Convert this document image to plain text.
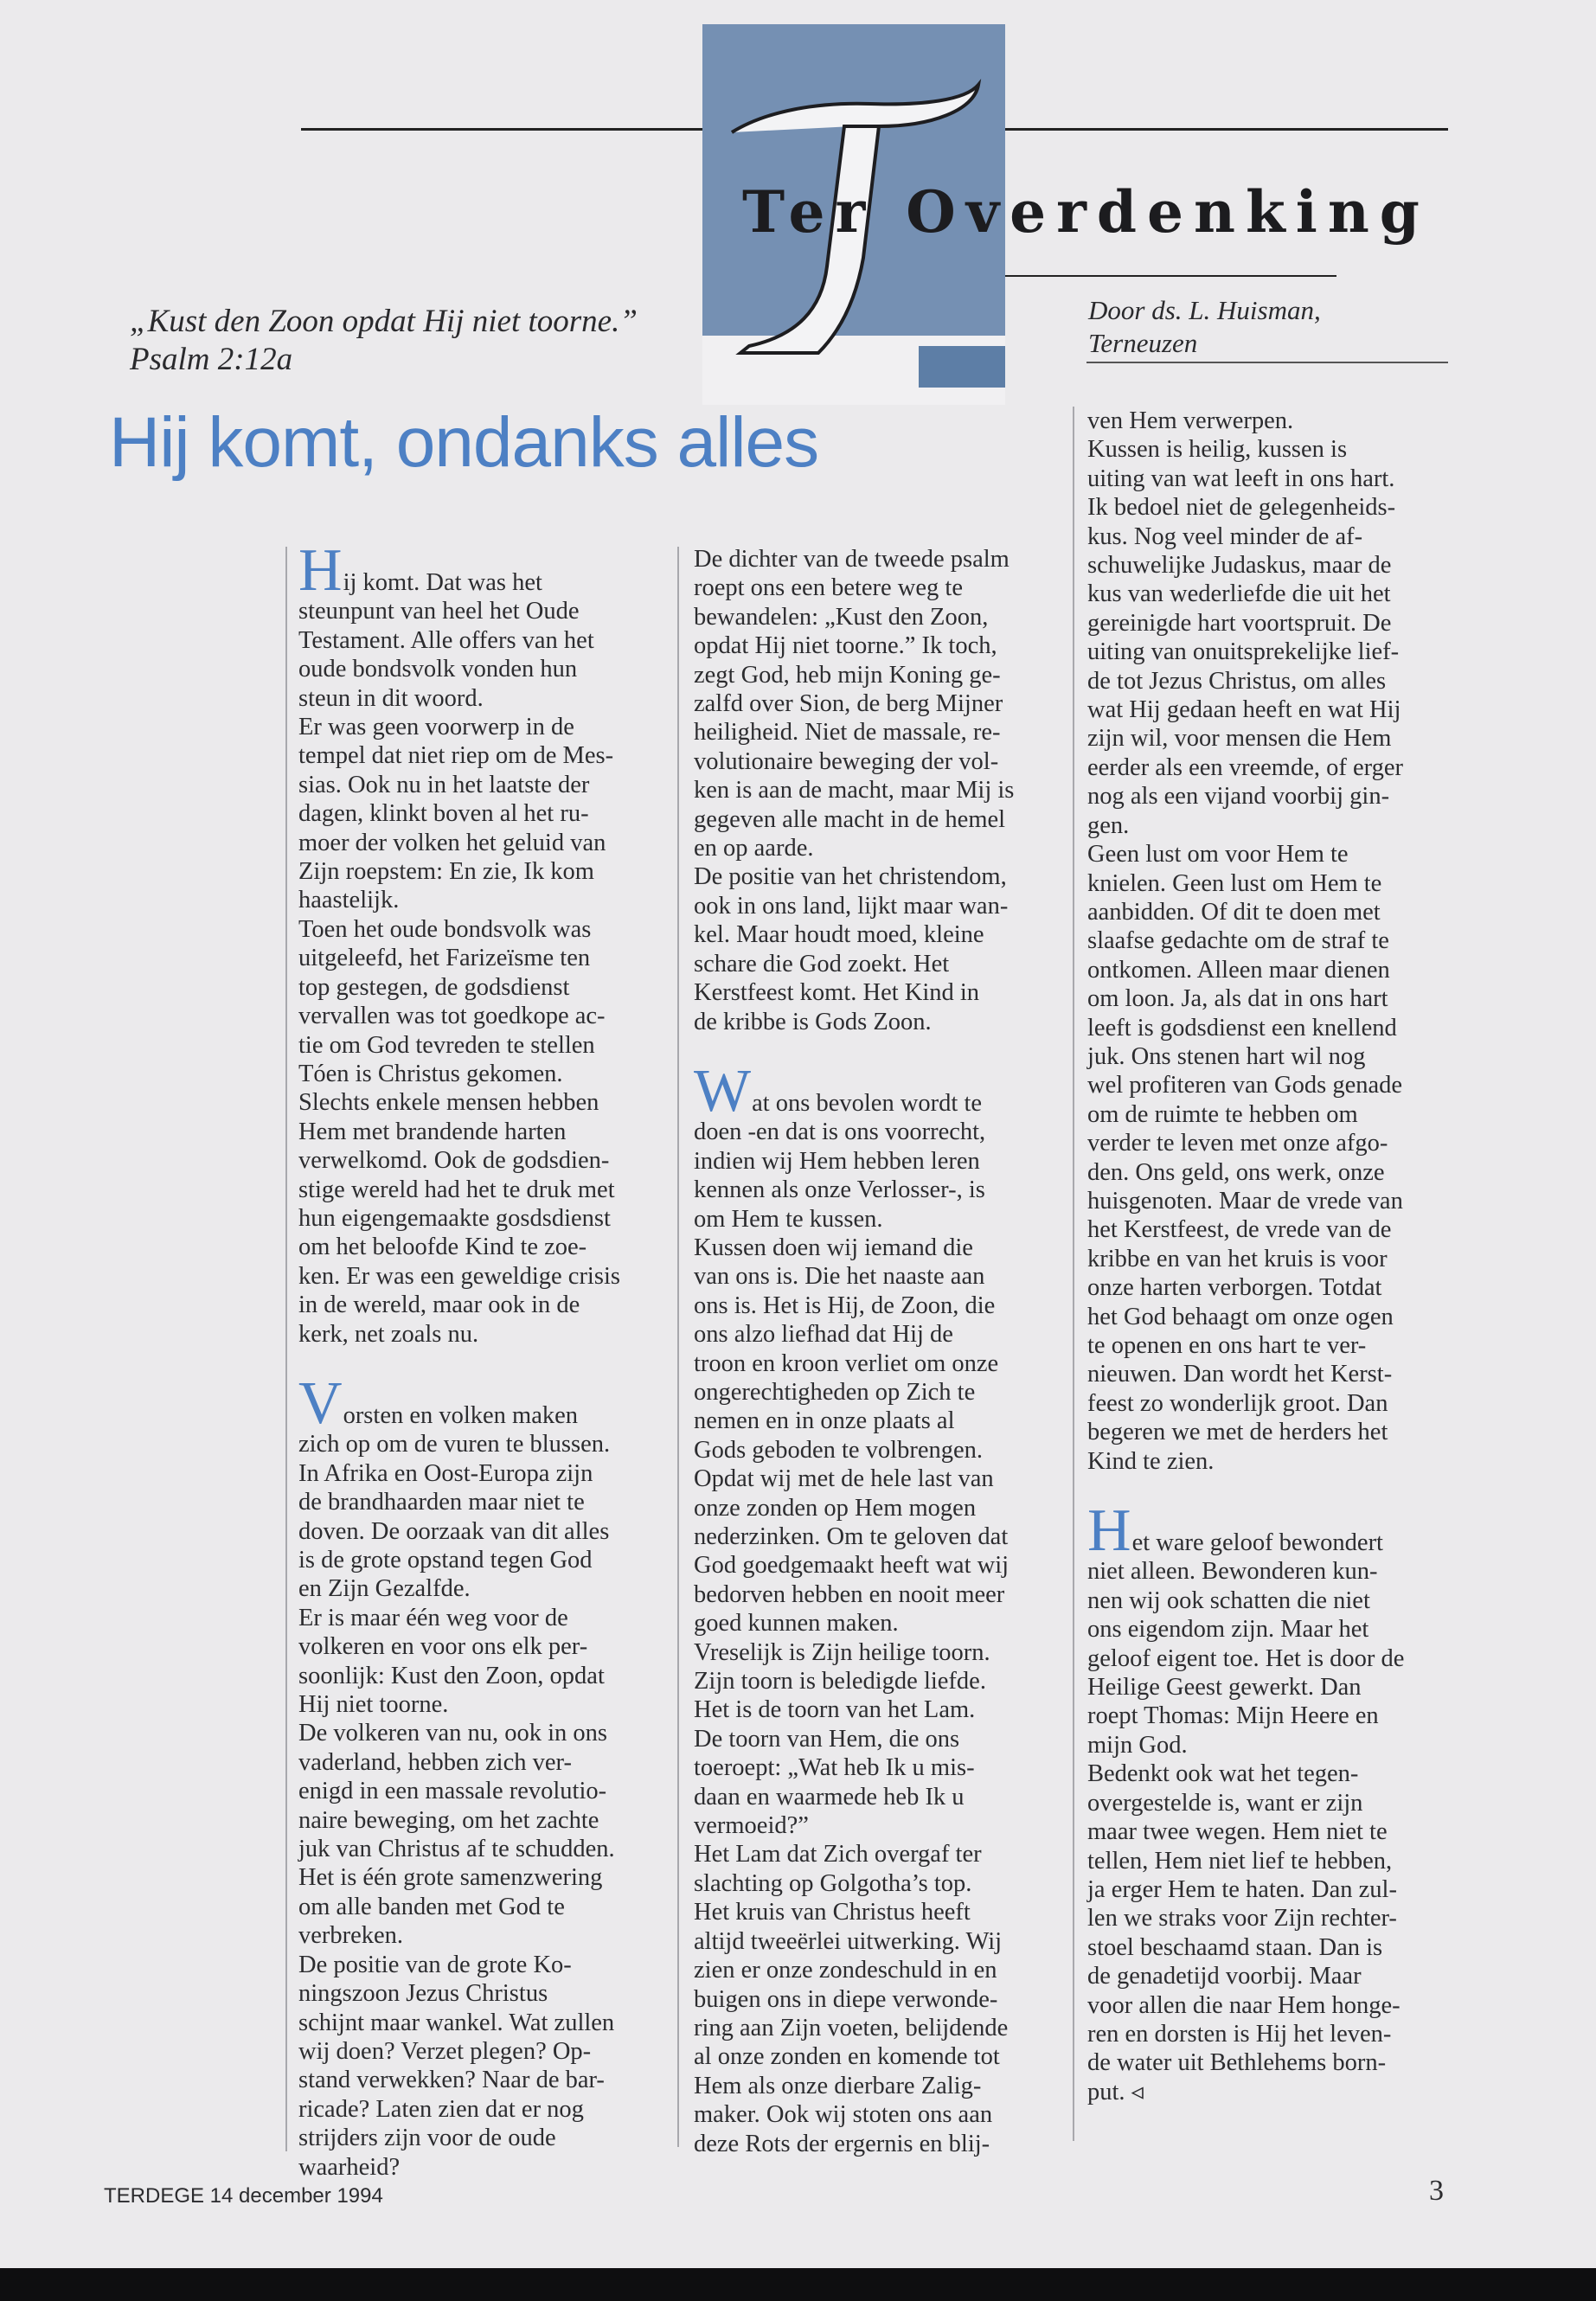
Ter Overdenking
„Kust den Zoon opdat Hij niet toorne.”
Psalm 2:12a
Door ds. L. Huisman,
Terneuzen
Hij komt, ondanks alles
Hij komt. Dat was het
steunpunt van heel het Oude
Testament. Alle offers van het
oude bondsvolk vonden hun
steun in dit woord.
Er was geen voorwerp in de
tempel dat niet riep om de Mes-
sias. Ook nu in het laatste der
dagen, klinkt boven al het ru-
moer der volken het geluid van
Zijn roepstem: En zie, Ik kom
haastelijk.
Toen het oude bondsvolk was
uitgeleefd, het Farizeïsme ten
top gestegen, de godsdienst
vervallen was tot goedkope ac-
tie om God tevreden te stellen
Tóen is Christus gekomen.
Slechts enkele mensen hebben
Hem met brandende harten
verwelkomd. Ook de godsdien-
stige wereld had het te druk met
hun eigengemaakte gosdsdienst
om het beloofde Kind te zoe-
ken. Er was een geweldige crisis
in de wereld, maar ook in de
kerk, net zoals nu.
Vorsten en volken maken
zich op om de vuren te blussen.
In Afrika en Oost-Europa zijn
de brandhaarden maar niet te
doven. De oorzaak van dit alles
is de grote opstand tegen God
en Zijn Gezalfde.
Er is maar één weg voor de
volkeren en voor ons elk per-
soonlijk: Kust den Zoon, opdat
Hij niet toorne.
De volkeren van nu, ook in ons
vaderland, hebben zich ver-
enigd in een massale revolutio-
naire beweging, om het zachte
juk van Christus af te schudden.
Het is één grote samenzwering
om alle banden met God te
verbreken.
De positie van de grote Ko-
ningszoon Jezus Christus
schijnt maar wankel. Wat zullen
wij doen? Verzet plegen? Op-
stand verwekken? Naar de bar-
ricade? Laten zien dat er nog
strijders zijn voor de oude
waarheid?
De dichter van de tweede psalm
roept ons een betere weg te
bewandelen: „Kust den Zoon,
opdat Hij niet toorne.” Ik toch,
zegt God, heb mijn Koning ge-
zalfd over Sion, de berg Mijner
heiligheid. Niet de massale, re-
volutionaire beweging der vol-
ken is aan de macht, maar Mij is
gegeven alle macht in de hemel
en op aarde.
De positie van het christendom,
ook in ons land, lijkt maar wan-
kel. Maar houdt moed, kleine
schare die God zoekt. Het
Kerstfeest komt. Het Kind in
de kribbe is Gods Zoon.
Wat ons bevolen wordt te
doen -en dat is ons voorrecht,
indien wij Hem hebben leren
kennen als onze Verlosser-, is
om Hem te kussen.
Kussen doen wij iemand die
van ons is. Die het naaste aan
ons is. Het is Hij, de Zoon, die
ons alzo liefhad dat Hij de
troon en kroon verliet om onze
ongerechtigheden op Zich te
nemen en in onze plaats al
Gods geboden te volbrengen.
Opdat wij met de hele last van
onze zonden op Hem mogen
nederzinken. Om te geloven dat
God goedgemaakt heeft wat wij
bedorven hebben en nooit meer
goed kunnen maken.
Vreselijk is Zijn heilige toorn.
Zijn toorn is beledigde liefde.
Het is de toorn van het Lam.
De toorn van Hem, die ons
toeroept: „Wat heb Ik u mis-
daan en waarmede heb Ik u
vermoeid?”
Het Lam dat Zich overgaf ter
slachting op Golgotha’s top.
Het kruis van Christus heeft
altijd tweeërlei uitwerking. Wij
zien er onze zondeschuld in en
buigen ons in diepe verwonde-
ring aan Zijn voeten, belijdende
al onze zonden en komende tot
Hem als onze dierbare Zalig-
maker. Ook wij stoten ons aan
deze Rots der ergernis en blij-
ven Hem verwerpen.
Kussen is heilig, kussen is
uiting van wat leeft in ons hart.
Ik bedoel niet de gelegenheids-
kus. Nog veel minder de af-
schuwelijke Judaskus, maar de
kus van wederliefde die uit het
gereinigde hart voortspruit. De
uiting van onuitsprekelijke lief-
de tot Jezus Christus, om alles
wat Hij gedaan heeft en wat Hij
zijn wil, voor mensen die Hem
eerder als een vreemde, of erger
nog als een vijand voorbij gin-
gen.
Geen lust om voor Hem te
knielen. Geen lust om Hem te
aanbidden. Of dit te doen met
slaafse gedachte om de straf te
ontkomen. Alleen maar dienen
om loon. Ja, als dat in ons hart
leeft is godsdienst een knellend
juk. Ons stenen hart wil nog
wel profiteren van Gods genade
om de ruimte te hebben om
verder te leven met onze afgo-
den. Ons geld, ons werk, onze
huisgenoten. Maar de vrede van
het Kerstfeest, de vrede van de
kribbe en van het kruis is voor
onze harten verborgen. Totdat
het God behaagt om onze ogen
te openen en ons hart te ver-
nieuwen. Dan wordt het Kerst-
feest zo wonderlijk groot. Dan
begeren we met de herders het
Kind te zien.
Het ware geloof bewondert
niet alleen. Bewonderen kun-
nen wij ook schatten die niet
ons eigendom zijn. Maar het
geloof eigent toe. Het is door de
Heilige Geest gewerkt. Dan
roept Thomas: Mijn Heere en
mijn God.
Bedenkt ook wat het tegen-
overgestelde is, want er zijn
maar twee wegen. Hem niet te
tellen, Hem niet lief te hebben,
ja erger Hem te haten. Dan zul-
len we straks voor Zijn rechter-
stoel beschaamd staan. Dan is
de genadetijd voorbij. Maar
voor allen die naar Hem honge-
ren en dorsten is Hij het leven-
de water uit Bethlehems born-
put. ◃
TERDEGE 14 december 1994	3
